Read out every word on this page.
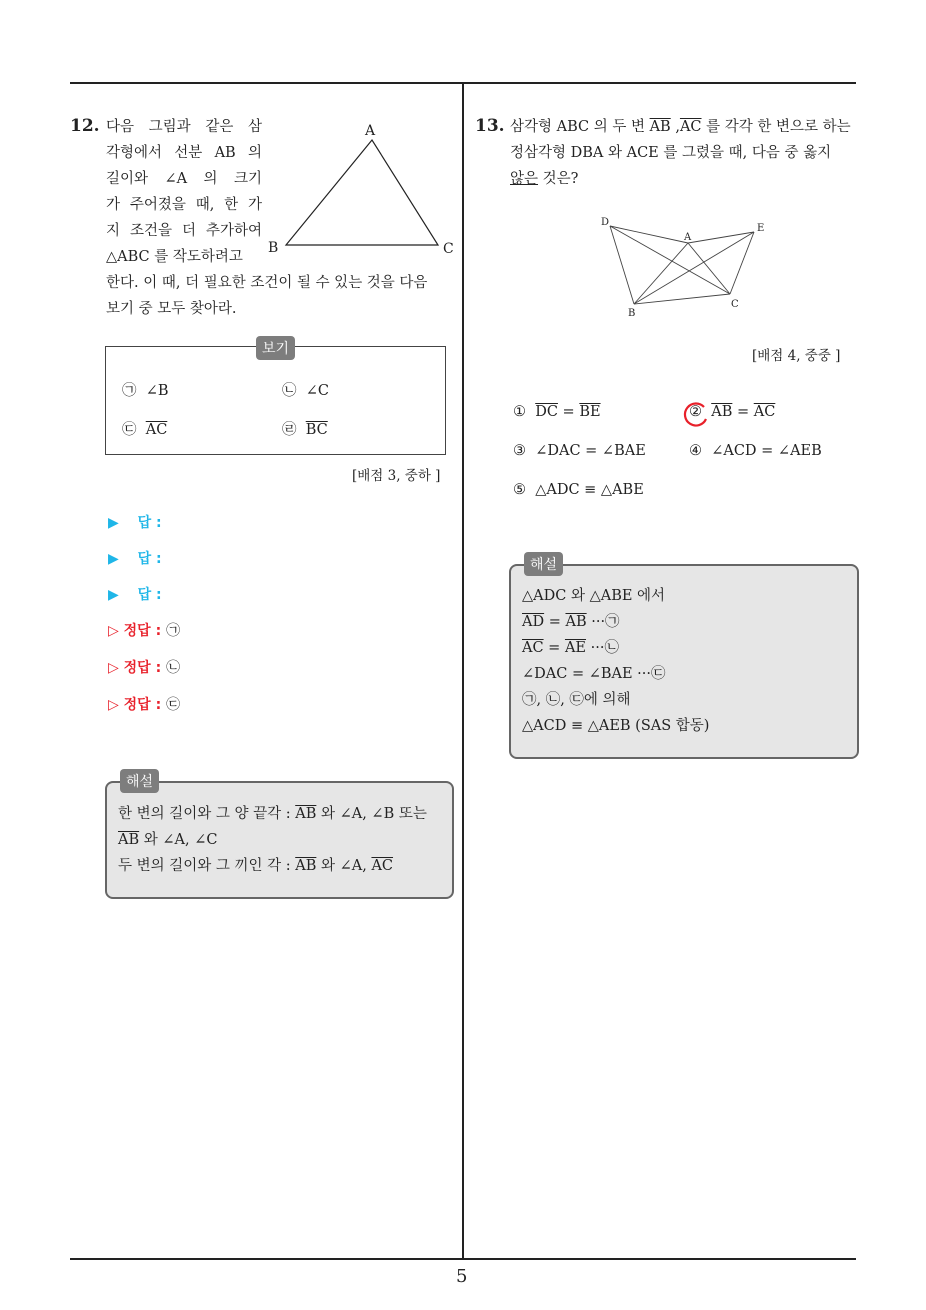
12. 다음 그림과 같은 삼
각형에서 선분 AB 의
길이와 ∠A 의 크기
가 주어졌을 때, 한 가
지 조건을 더 추가하여
△ABC 를 작도하려고
한다. 이 때, 더 필요한 조건이 될 수 있는 것을 다음
보기 중 모두 찾아라.
A
B	C
보기
㉠ ∠B	㉡ ∠C
㉢ $\overline{AC}$	㉣ $\overline{BC}$
[배점 3, 중하 ]
▶ 답 :
▶ 답 :
▶ 답 :
▷ 정답 : ㉠
▷ 정답 : ㉡
▷ 정답 : ㉢
해설
한 변의 길이와 그 양 끝각 : $\overline{AB}$ 와 ∠A, ∠B 또는
$\overline{AB}$ 와 ∠A, ∠C
두 변의 길이와 그 끼인 각 : $\overline{AB}$ 와 ∠A, $\overline{AC}$
13. 삼각형 ABC 의 두 변 $\overline{AB}$ $,\overline{AC}$ 를 각각 한 변으로 하는
정삼각형 DBA 와 ACE 를 그렸을 때, 다음 중 옳지
않은 것은?
D
A
E
B
C
[배점 4, 중중 ]
① $\overline{DC} = \overline{BE}$	② $\overline{AB} = \overline{AC}$
③ ∠DAC = ∠BAE	④ ∠ACD = ∠AEB
⑤ △ADC ≡ △ABE
해설
△ADC 와 △ABE 에서
$\overline{AD} = \overline{AB}$ ···㉠
$\overline{AC} = \overline{AE}$ ···㉡
∠DAC = ∠BAE ···㉢
㉠, ㉡, ㉢에 의해
△ACD ≡ △AEB (SAS 합동)
5
